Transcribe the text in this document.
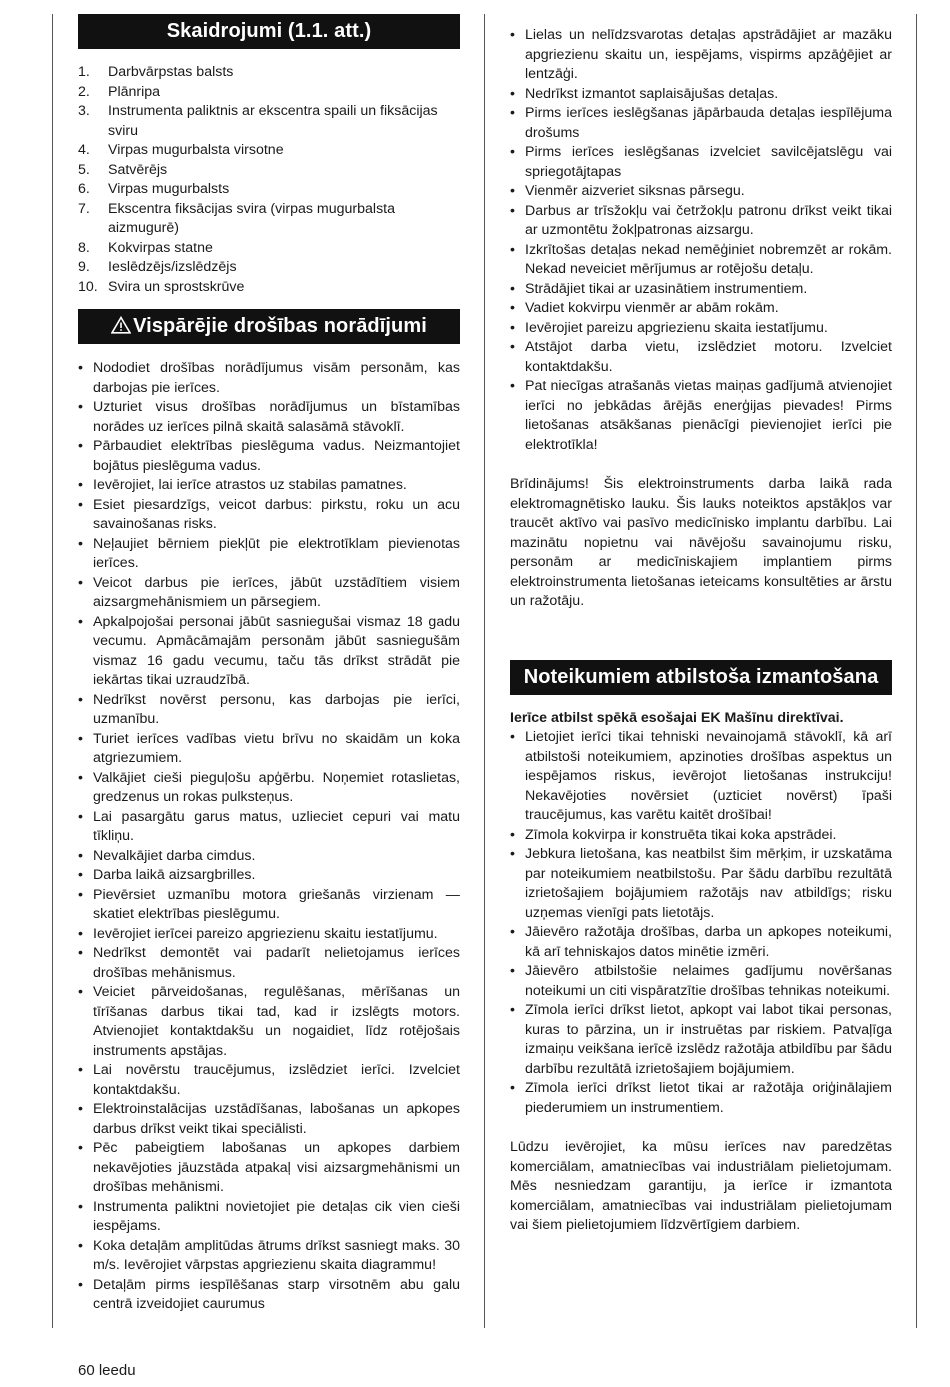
Skaidrojumi (1.1. att.)
1. Darbvārpstas balsts
2. Plānripa
3. Instrumenta paliktnis ar ekscentra spaili un fiksācijas sviru
4. Virpas mugurbalsta virsotne
5. Satvērējs
6. Virpas mugurbalsts
7. Ekscentra fiksācijas svira (virpas mugurbalsta aizmugurē)
8. Kokvirpas statne
9. Ieslēdzējs/izslēdzējs
10. Svira un sprostskrūve
Vispārējie drošības norādījumi
• Nododiet drošības norādījumus visām personām, kas darbojas pie ierīces.
• Uzturiet visus drošības norādījumus un bīstamības norādes uz ierīces pilnā skaitā salasāmā stāvoklī.
• Pārbaudiet elektrības pieslēguma vadus. Neizmantojiet bojātus pieslēguma vadus.
• Ievērojiet, lai ierīce atrastos uz stabilas pamatnes.
• Esiet piesardzīgs, veicot darbus: pirkstu, roku un acu savainošanas risks.
• Neļaujiet bērniem piekļūt pie elektrotīklam pievienotas ierīces.
• Veicot darbus pie ierīces, jābūt uzstādītiem visiem aizsargmehānismiem un pārsegiem.
• Apkalpojošai personai jābūt sasniegušai vismaz 18 gadu vecumu. Apmācāmajām personām jābūt sasniegušām vismaz 16 gadu vecumu, taču tās drīkst strādāt pie iekārtas tikai uzraudzībā.
• Nedrīkst novērst personu, kas darbojas pie ierīci, uzmanību.
• Turiet ierīces vadības vietu brīvu no skaidām un koka atgriezumiem.
• Valkājiet cieši pieguļošu apģērbu. Noņemiet rotaslietas, gredzenus un rokas pulksteņus.
• Lai pasargātu garus matus, uzlieciet cepuri vai matu tīkliņu.
• Nevalkājiet darba cimdus.
• Darba laikā aizsargbrilles.
• Pievērsiet uzmanību motora griešanās virzienam — skatiet elektrības pieslēgumu.
• Ievērojiet ierīcei pareizo apgriezienu skaitu iestatījumu.
• Nedrīkst demontēt vai padarīt nelietojamus ierīces drošības mehānismus.
• Veiciet pārveidošanas, regulēšanas, mērīšanas un tīrīšanas darbus tikai tad, kad ir izslēgts motors. Atvienojiet kontaktdakšu un nogaidiet, līdz rotējošais instruments apstājas.
• Lai novērstu traucējumus, izslēdziet ierīci. Izvelciet kontaktdakšu.
• Elektroinstalācijas uzstādīšanas, labošanas un apkopes darbus drīkst veikt tikai speciālisti.
• Pēc pabeigtiem labošanas un apkopes darbiem nekavējoties jāuzstāda atpakaļ visi aizsargmehānismi un drošības mehānismi.
• Instrumenta paliktni novietojiet pie detaļas cik vien cieši iespējams.
• Koka detaļām amplitūdas ātrums drīkst sasniegt maks. 30 m/s. Ievērojiet vārpstas apgriezienu skaita diagrammu!
• Detaļām pirms iespīlēšanas starp virsotnēm abu galu centrā izveidojiet caurumus
• Lielas un nelīdzsvarotas detaļas apstrādājiet ar mazāku apgriezienu skaitu un, iespējams, vispirms apzāģējiet ar lentzāģi.
• Nedrīkst izmantot saplaisājušas detaļas.
• Pirms ierīces ieslēgšanas jāpārbauda detaļas iespīlējuma drošums
• Pirms ierīces ieslēgšanas izvelciet savilcējatslēgu vai spriegotājtapas
• Vienmēr aizveriet siksnas pārsegu.
• Darbus ar trīsžokļu vai četržokļu patronu drīkst veikt tikai ar uzmontētu žokļpatronas aizsargu.
• Izkrītošas detaļas nekad nemēģiniet nobremzēt ar rokām. Nekad neveiciet mērījumus ar rotējošu detaļu.
• Strādājiet tikai ar uzasinātiem instrumentiem.
• Vadiet kokvirpu vienmēr ar abām rokām.
• Ievērojiet pareizu apgriezienu skaita iestatījumu.
• Atstājot darba vietu, izslēdziet motoru. Izvelciet kontaktdakšu.
• Pat niecīgas atrašanās vietas maiņas gadījumā atvienojiet ierīci no jebkādas ārējās enerģijas pievades! Pirms lietošanas atsākšanas pienācīgi pievienojiet ierīci pie elektrotīkla!

Brīdinājums! Šis elektroinstruments darba laikā rada elektromagnētisko lauku. Šis lauks noteiktos apstākļos var traucēt aktīvo vai pasīvo medicīnisko implantu darbību. Lai mazinātu nopietnu vai nāvējošu savainojumu risku, personām ar medicīniskajiem implantiem pirms elektroinstrumenta lietošanas ieteicams konsultēties ar ārstu un ražotāju.

Noteikumiem atbilstoša izmantošana

Ierīce atbilst spēkā esošajai EK Mašīnu direktīvai.

• Lietojiet ierīci tikai tehniski nevainojamā stāvoklī, kā arī atbilstoši noteikumiem, apzinoties drošības aspektus un iespējamos riskus, ievērojot lietošanas instrukciju! Nekavējoties novērsiet (uzticiet novērst) īpaši traucējumus, kas varētu kaitēt drošībai!
• Zīmola kokvirpa ir konstruēta tikai koka apstrādei.
• Jebkura lietošana, kas neatbilst šim mērķim, ir uzskatāma par noteikumiem neatbilstošu. Par šādu darbību rezultātā izrietošajiem bojājumiem ražotājs nav atbildīgs; risku uzņemas vienīgi pats lietotājs.
• Jāievēro ražotāja drošības, darba un apkopes noteikumi, kā arī tehniskajos datos minētie izmēri.
• Jāievēro atbilstošie nelaimes gadījumu novēršanas noteikumi un citi vispāratzītie drošības tehnikas noteikumi.
• Zīmola ierīci drīkst lietot, apkopt vai labot tikai personas, kuras to pārzina, un ir instruētas par riskiem. Patvaļīga izmaiņu veikšana ierīcē izslēdz ražotāja atbildību par šādu darbību rezultātā izrietošajiem bojājumiem.
• Zīmola ierīci drīkst lietot tikai ar ražotāja oriģinālajiem piederumiem un instrumentiem.

Lūdzu ievērojiet, ka mūsu ierīces nav paredzētas komerciālam, amatniecības vai industriālam pielietojumam. Mēs nesniedzam garantiju, ja ierīce ir izmantota komerciālam, amatniecības vai industriālam pielietojumam vai šiem pielietojumiem līdzvērtīgiem darbiem.

60 leedu
